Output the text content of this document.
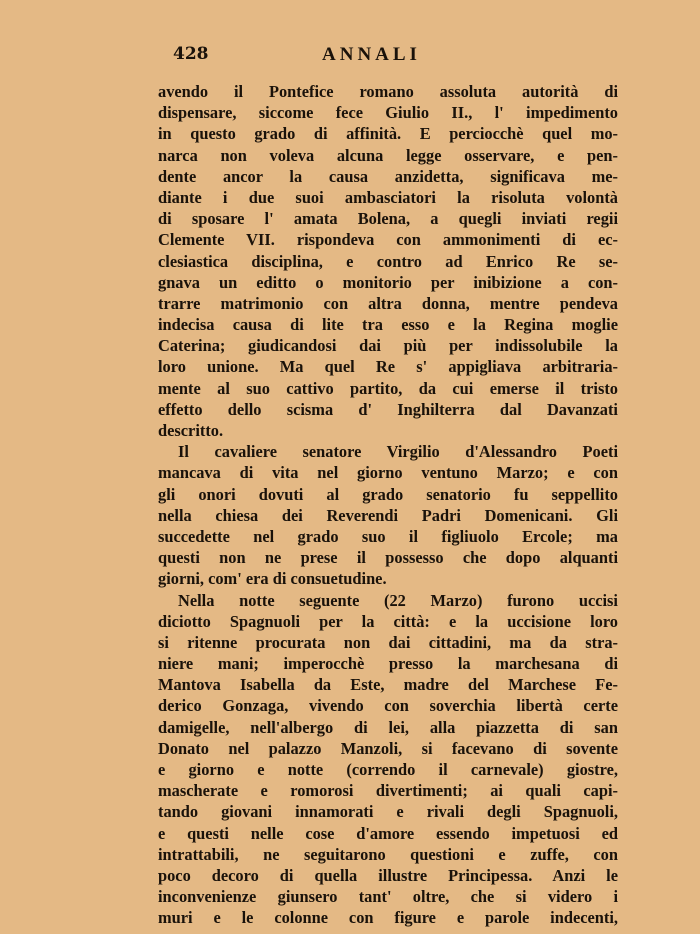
428	ANNALI
avendo il Pontefice romano assoluta autorità di
dispensare, siccome fece Giulio II., l' impedimento
in questo grado di affinità. E perciocchè quel mo-
narca non voleva alcuna legge osservare, e pen-
dente ancor la causa anzidetta, significava me-
diante i due suoi ambasciatori la risoluta volontà
di sposare l' amata Bolena, a quegli inviati regii
Clemente VII. rispondeva con ammonimenti di ec-
clesiastica disciplina, e contro ad Enrico Re se-
gnava un editto o monitorio per inibizione a con-
trarre matrimonio con altra donna, mentre pendeva
indecisa causa di lite tra esso e la Regina moglie
Caterina; giudicandosi dai più per indissolubile la
loro unione. Ma quel Re s' appigliava arbitraria-
mente al suo cattivo partito, da cui emerse il tristo
effetto dello scisma d' Inghilterra dal Davanzati
descritto.
Il cavaliere senatore Virgilio d'Alessandro Poeti
mancava di vita nel giorno ventuno Marzo; e con
gli onori dovuti al grado senatorio fu seppellito
nella chiesa dei Reverendi Padri Domenicani. Gli
succedette nel grado suo il figliuolo Ercole; ma
questi non ne prese il possesso che dopo alquanti
giorni, com' era di consuetudine.
Nella notte seguente (22 Marzo) furono uccisi
diciotto Spagnuoli per la città: e la uccisione loro
si ritenne procurata non dai cittadini, ma da stra-
niere mani; imperocchè presso la marchesana di
Mantova Isabella da Este, madre del Marchese Fe-
derico Gonzaga, vivendo con soverchia libertà certe
damigelle, nell'albergo di lei, alla piazzetta di san
Donato nel palazzo Manzoli, si facevano di sovente
e giorno e notte (correndo il carnevale) giostre,
mascherate e romorosi divertimenti; ai quali capi-
tando giovani innamorati e rivali degli Spagnuoli,
e questi nelle cose d'amore essendo impetuosi ed
intrattabili, ne seguitarono questioni e zuffe, con
poco decoro di quella illustre Principessa. Anzi le
inconvenienze giunsero tant' oltre, che si videro i
muri e le colonne con figure e parole indecenti,
